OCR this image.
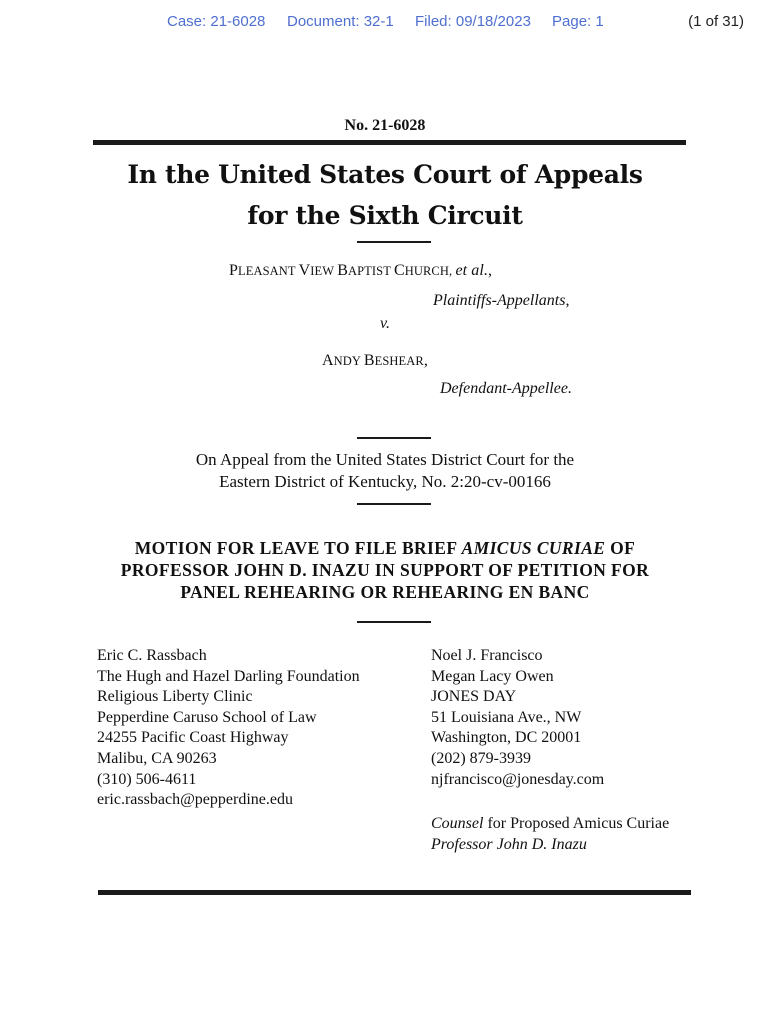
Case: 21-6028 Document: 32-1 Filed: 09/18/2023 Page: 1	(1 of 31)
No. 21-6028
In the United States Court of Appeals
for the Sixth Circuit
PLEASANT VIEW BAPTIST CHURCH, et al.,
Plaintiffs-Appellants,
v.
ANDY BESHEAR,
Defendant-Appellee.
On Appeal from the United States District Court for the
Eastern District of Kentucky, No. 2:20-cv-00166
MOTION FOR LEAVE TO FILE BRIEF AMICUS CURIAE OF
PROFESSOR JOHN D. INAZU IN SUPPORT OF PETITION FOR
PANEL REHEARING OR REHEARING EN BANC
Eric C. Rassbach
The Hugh and Hazel Darling Foundation
Religious Liberty Clinic
Pepperdine Caruso School of Law
24255 Pacific Coast Highway
Malibu, CA 90263
(310) 506-4611
eric.rassbach@pepperdine.edu
Noel J. Francisco
Megan Lacy Owen
JONES DAY
51 Louisiana Ave., NW
Washington, DC 20001
(202) 879-3939
njfrancisco@jonesday.com
Counsel for Proposed Amicus Curiae
Professor John D. Inazu
